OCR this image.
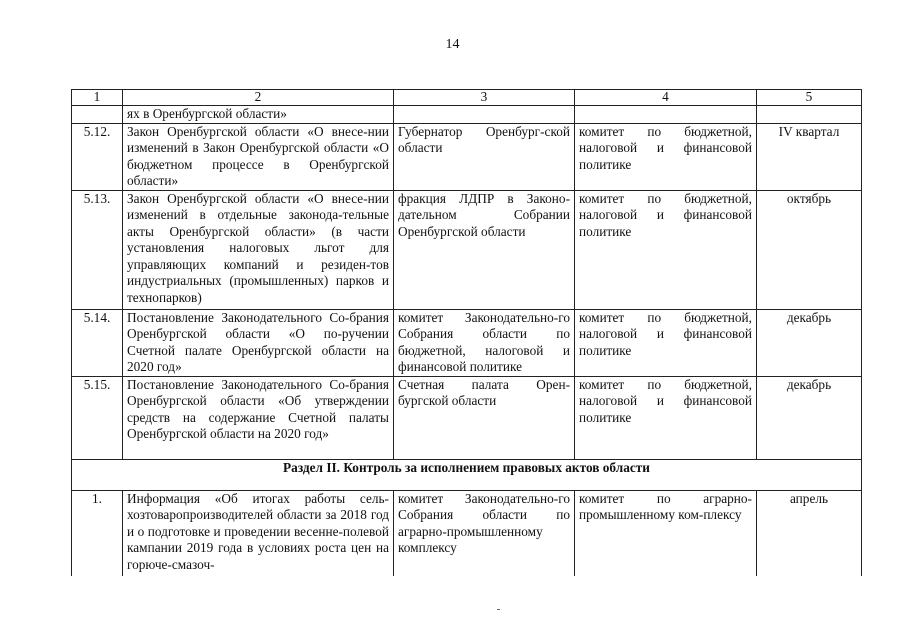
14
1	2	3	4	5
	ях в Оренбургской области»			
5.12.	Закон Оренбургской области «О внесе-нии изменений в Закон Оренбургской области «О бюджетном процессе в Оренбургской области»	Губернатор Оренбург-ской области	комитет по бюджетной, налоговой и финансовой политике	IV квартал
5.13.	Закон Оренбургской области «О внесе-нии изменений в отдельные законода-тельные акты Оренбургской области» (в части установления налоговых льгот для управляющих компаний и резиден-тов индустриальных (промышленных) парков и технопарков)	фракция ЛДПР в Законо-дательном Собрании Оренбургской области	комитет по бюджетной, налоговой и финансовой политике	октябрь
5.14.	Постановление Законодательного Со-брания Оренбургской области «О по-ручении Счетной палате Оренбургской области на 2020 год»	комитет Законодательно-го Собрания области по бюджетной, налоговой и финансовой политике	комитет по бюджетной, налоговой и финансовой политике	декабрь
5.15.	Постановление Законодательного Со-брания Оренбургской области «Об утверждении средств на содержание Счетной палаты Оренбургской области на 2020 год»	Счетная палата Орен-бургской области	комитет по бюджетной, налоговой и финансовой политике	декабрь
Раздел II. Контроль за исполнением правовых актов области				
1.	Информация «Об итогах работы сель-хозтоваропроизводителей области за 2018 год и о подготовке и проведении весенне-полевой кампании 2019 года в условиях роста цен на горюче-смазоч-	комитет Законодательно-го Собрания области по аграрно-промышленному комплексу	комитет по аграрно-промышленному ком-плексу	апрель
